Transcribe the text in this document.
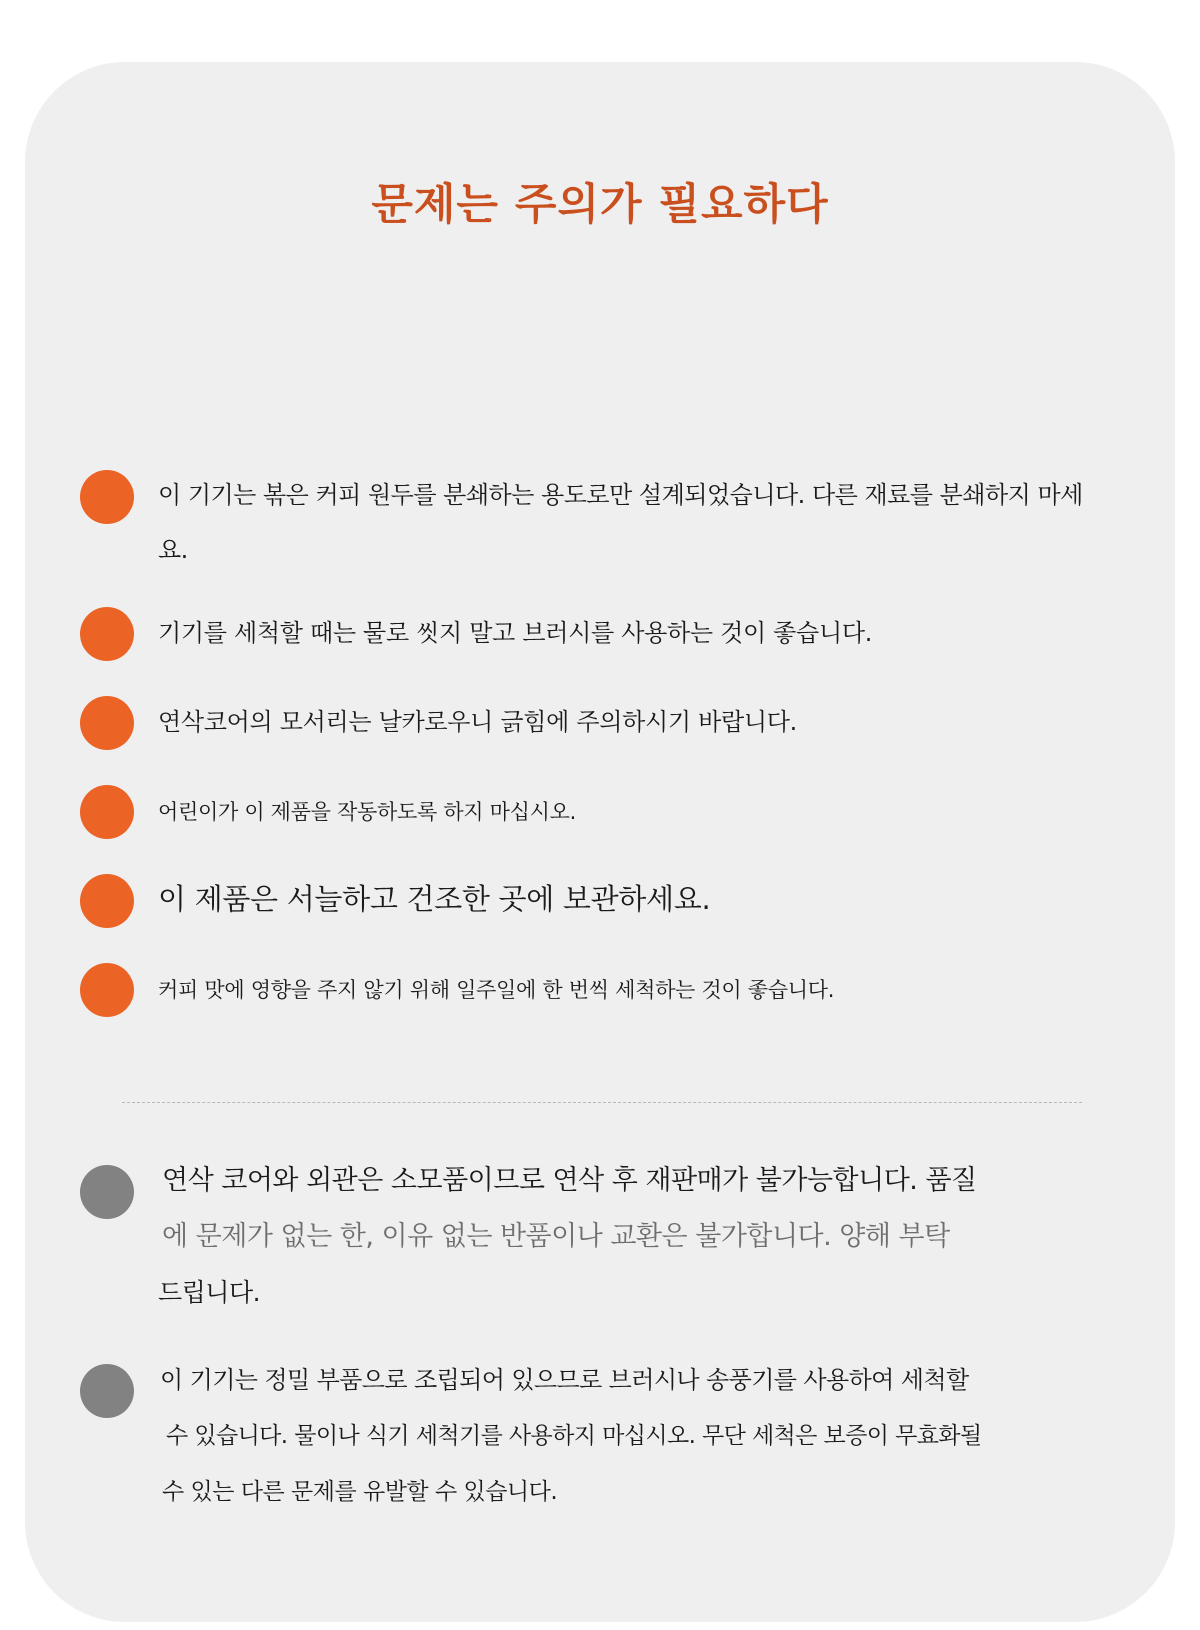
문제는 주의가 필요하다

이 기기는 볶은 커피 원두를 분쇄하는 용도로만 설계되었습니다. 다른 재료를 분쇄하지 마세요.

기기를 세척할 때는 물로 씻지 말고 브러시를 사용하는 것이 좋습니다.

연삭코어의 모서리는 날카로우니 긁힘에 주의하시기 바랍니다.

어린이가 이 제품을 작동하도록 하지 마십시오.

이 제품은 서늘하고 건조한 곳에 보관하세요.

커피 맛에 영향을 주지 않기 위해 일주일에 한 번씩 세척하는 것이 좋습니다.

연삭 코어와 외관은 소모품이므로 연삭 후 재판매가 불가능합니다. 품질

에 문제가 없는 한, 이유 없는 반품이나 교환은 불가합니다. 양해 부탁

드립니다.

이 기기는 정밀 부품으로 조립되어 있으므로 브러시나 송풍기를 사용하여 세척할

수 있습니다. 물이나 식기 세척기를 사용하지 마십시오. 무단 세척은 보증이 무효화될

수 있는 다른 문제를 유발할 수 있습니다.
